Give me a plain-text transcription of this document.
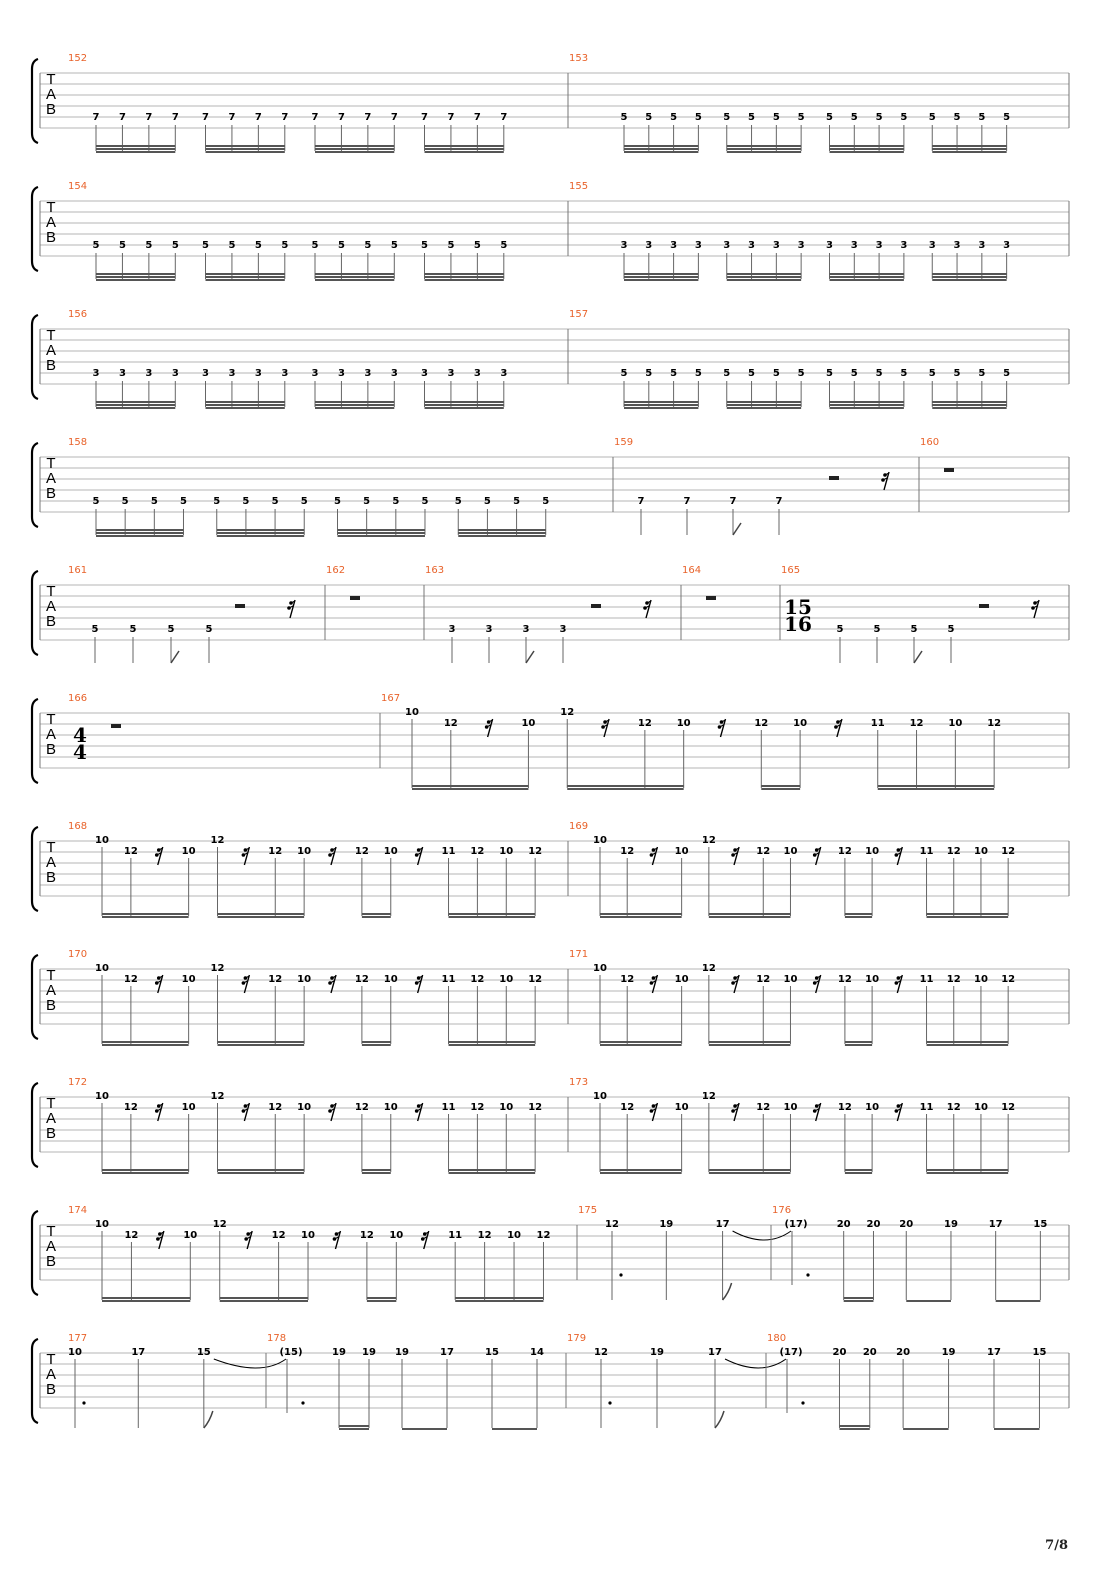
T
A
B
T
A
B
T
A
B
T
A
B
T
A
B
T
A
B
T
A
B
T
A
B
T
A
B
T
A
B
T
A
B
152
7 7 7 7 7 7 7 7 7 7 7 7 7 7 7 7
153
5 5 5 5 5 5 5 5 5 5 5 5 5 5 5 5
154
5 5 5 5 5 5 5 5 5 5 5 5 5 5 5 5
155
3 3 3 3 3 3 3 3 3 3 3 3 3 3 3 3
156
3 3 3 3 3 3 3 3 3 3 3 3 3 3 3 3
157
5 5 5 5 5 5 5 5 5 5 5 5 5 5 5 5
158
5 5 5 5	5 5 5 5	5 5 5 5	5 5 5 5
159
7	7	7	7
160
161
5	5	5	5
162	163
3	3	3	3
164	165
15
16 5	5	5	5
166
4
4
167
10
12	10
12
12 10	12 10	11 12 10 12
168
10
12	10
12
12 10	12 10	11 12 10 12
169
10
12	10
12
12 10	12 10	11 12 10 12
170
10
12	10
12
12 10	12 10	11 12 10 12
171
10
12	10
12
12 10	12 10	11 12 10 12
172
10
12	10
12
12 10	12 10	11 12 10 12
173
10
12	10
12
12 10	12 10	11 12 10 12
174
10
12	10
12
12 10	12 10	11 12 10 12
175
12	19	17
176
(17)	20 20 20	19	17	15
177
10	17	15
178
(15)	19 19 19	17	15	14
179
12	19	17
180
(17)	20 20 20	19	17	15
7/8
